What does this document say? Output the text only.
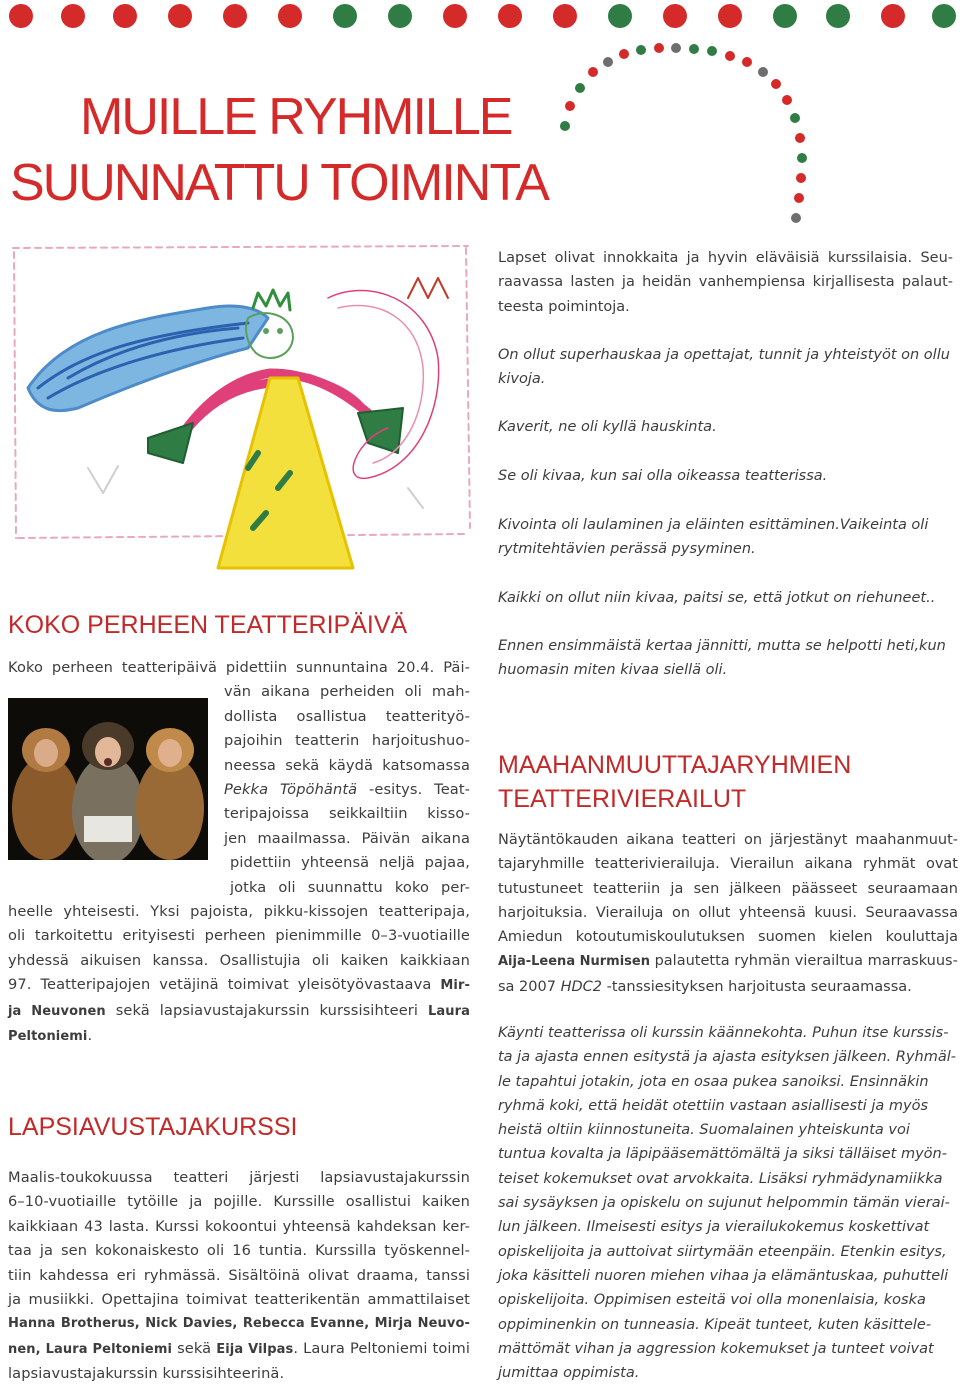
MUILLE RYHMILLE
SUUNNATTU TOIMINTA
Lapset olivat innokkaita ja hyvin eläväisiä kurssilaisia. Seu-
raavassa lasten ja heidän vanhempiensa kirjallisesta palaut-
teesta poimintoja.
On ollut superhauskaa ja opettajat, tunnit ja yhteistyöt on ollu
kivoja.
Kaverit, ne oli kyllä hauskinta.
Se oli kivaa, kun sai olla oikeassa teatterissa.
Kivointa oli laulaminen ja eläinten esittäminen.Vaikeinta oli
rytmitehtävien perässä pysyminen.
Kaikki on ollut niin kivaa, paitsi se, että jotkut on riehuneet..
Ennen ensimmäistä kertaa jännitti, mutta se helpotti heti,kun
huomasin miten kivaa siellä oli.
MAAHANMUUTTAJARYHMIEN
TEATTERIVIERAILUT
Näytäntökauden aikana teatteri on järjestänyt maahanmuut-
tajaryhmille teatterivierailuja. Vierailun aikana ryhmät ovat
tutustuneet teatteriin ja sen jälkeen päässeet seuraamaan
harjoituksia. Vierailuja on ollut yhteensä kuusi. Seuraavassa
Amiedun kotoutumiskoulutuksen suomen kielen kouluttaja
Aija-Leena Nurmisen palautetta ryhmän vierailtua marraskuus-
sa 2007 HDC2 -tanssiesityksen harjoitusta seuraamassa.
Käynti teatterissa oli kurssin käännekohta. Puhun itse kurssis-
ta ja ajasta ennen esitystä ja ajasta esityksen jälkeen. Ryhmäl-
le tapahtui jotakin, jota en osaa pukea sanoiksi. Ensinnäkin
ryhmä koki, että heidät otettiin vastaan asiallisesti ja myös
heistä oltiin kiinnostuneita. Suomalainen yhteiskunta voi
tuntua kovalta ja läpipääsemättömältä ja siksi tälläiset myön-
teiset kokemukset ovat arvokkaita. Lisäksi ryhmädynamiikka
sai sysäyksen ja opiskelu on sujunut helpommin tämän vierai-
lun jälkeen. Ilmeisesti esitys ja vierailukokemus koskettivat
opiskelijoita ja auttoivat siirtymään eteenpäin. Etenkin esitys,
joka käsitteli nuoren miehen vihaa ja elämäntuskaa, puhutteli
opiskelijoita. Oppimisen esteitä voi olla monenlaisia, koska
oppiminenkin on tunneasia. Kipeät tunteet, kuten käsittele-
mättömät vihan ja aggression kokemukset ja tunteet voivat
jumittaa oppimista.
KOKO PERHEEN TEATTERIPÄIVÄ
Koko perheen teatteripäivä pidettiin sunnuntaina 20.4. Päi-
vän aikana perheiden oli mah-
dollista osallistua teatterityö-
pajoihin teatterin harjoitushuo-
neessa sekä käydä katsomassa
Pekka Töpöhäntä -esitys. Teat-
teripajoissa seikkailtiin kisso-
jen maailmassa. Päivän aikana
pidettiin yhteensä neljä pajaa,
jotka oli suunnattu koko per-
heelle yhteisesti. Yksi pajoista, pikku-kissojen teatteripaja,
oli tarkoitettu erityisesti perheen pienimmille 0–3-vuotiaille
yhdessä aikuisen kanssa. Osallistujia oli kaiken kaikkiaan
97. Teatteripajojen vetäjinä toimivat yleisötyövastaava Mir-
ja Neuvonen sekä lapsiavustajakurssin kurssisihteeri Laura
Peltoniemi.
LAPSIAVUSTAJAKURSSI
Maalis-toukokuussa teatteri järjesti lapsiavustajakurssin
6–10-vuotiaille tytöille ja pojille. Kurssille osallistui kaiken
kaikkiaan 43 lasta. Kurssi kokoontui yhteensä kahdeksan ker-
taa ja sen kokonaiskesto oli 16 tuntia. Kurssilla työskennel-
tiin kahdessa eri ryhmässä. Sisältöinä olivat draama, tanssi
ja musiikki. Opettajina toimivat teatterikentän ammattilaiset
Hanna Brotherus, Nick Davies, Rebecca Evanne, Mirja Neuvo-
nen, Laura Peltoniemi sekä Eija Vilpas. Laura Peltoniemi toimi
lapsiavustajakurssin kurssisihteerinä.
